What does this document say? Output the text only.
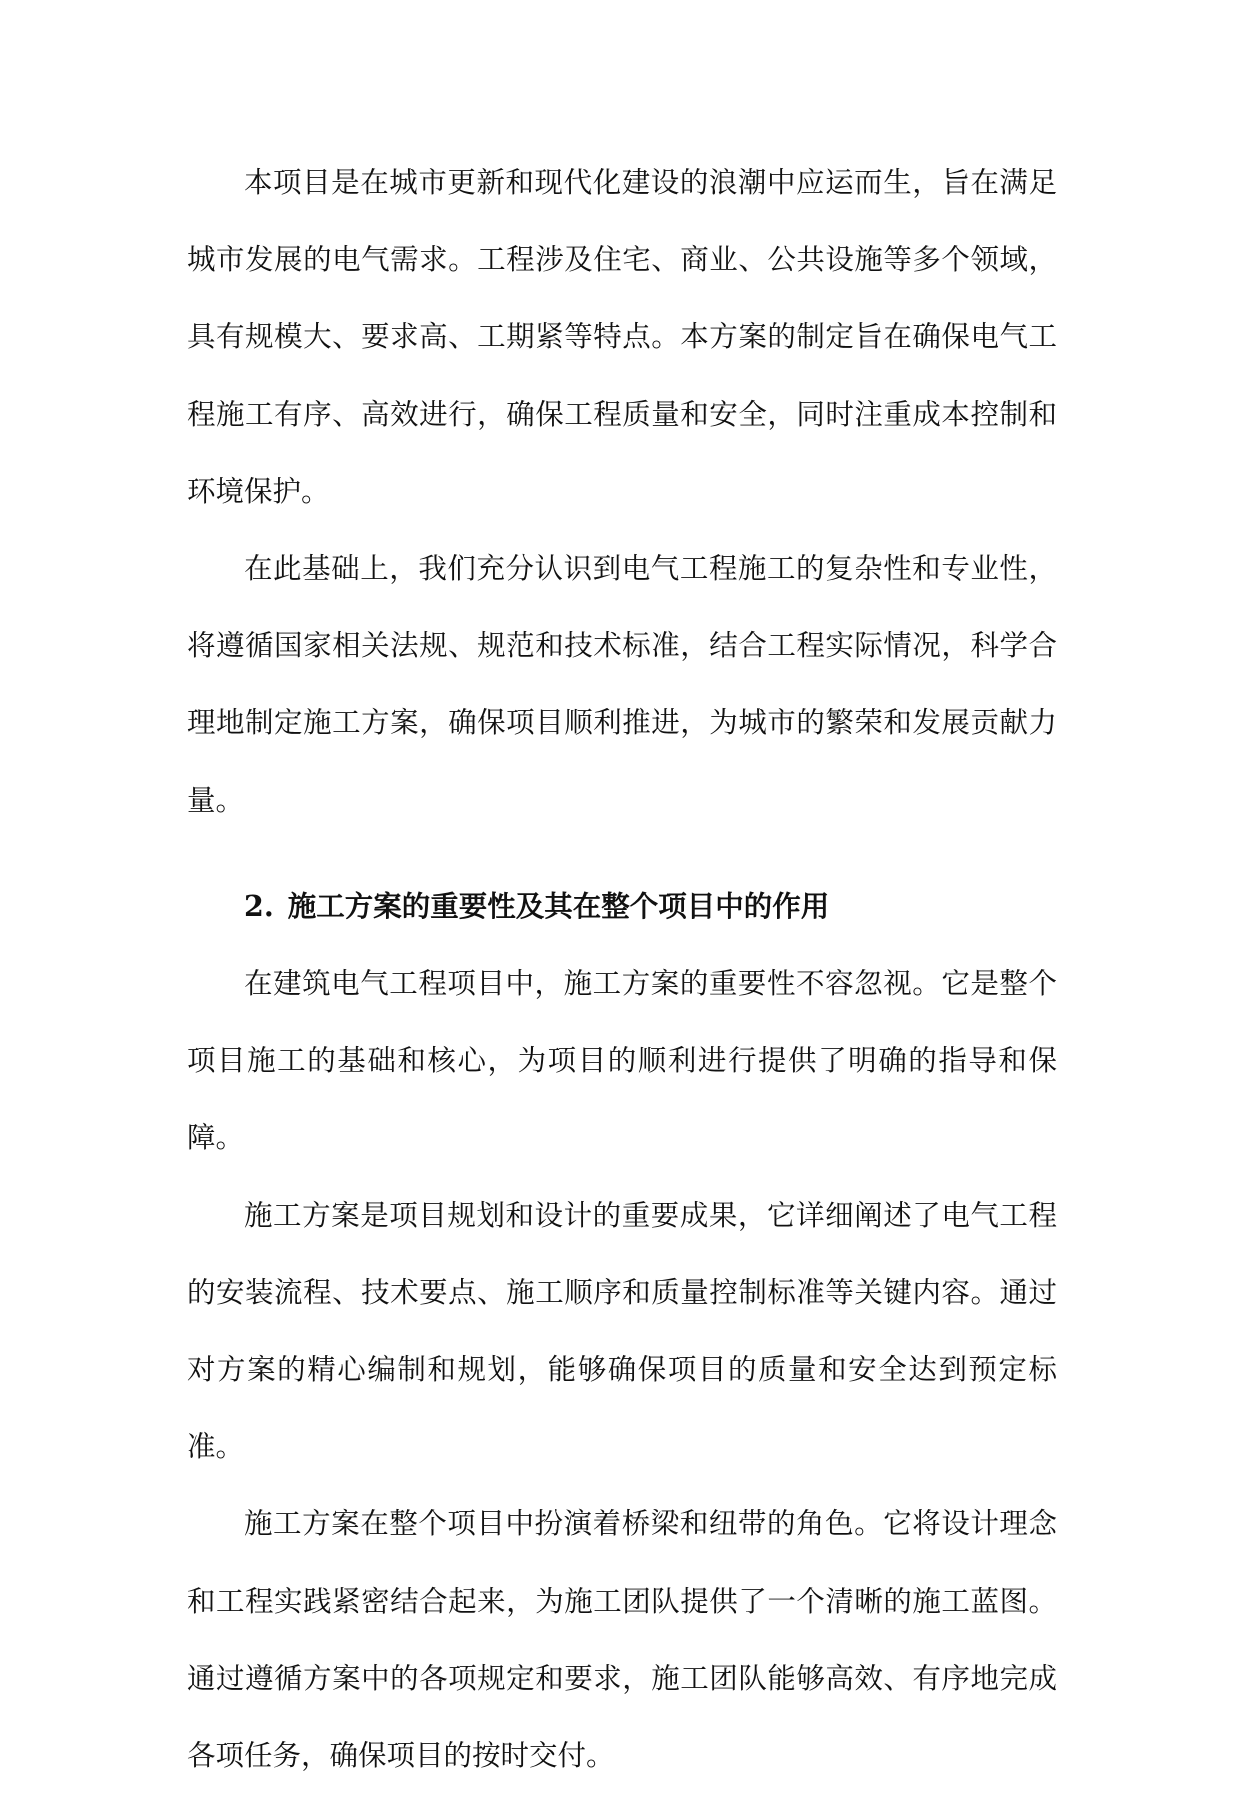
本项目是在城市更新和现代化建设的浪潮中应运而生，旨在满足城市发展的电气需求。工程涉及住宅、商业、公共设施等多个领域，具有规模大、要求高、工期紧等特点。本方案的制定旨在确保电气工程施工有序、高效进行，确保工程质量和安全，同时注重成本控制和环境保护。

在此基础上，我们充分认识到电气工程施工的复杂性和专业性，将遵循国家相关法规、规范和技术标准，结合工程实际情况，科学合理地制定施工方案，确保项目顺利推进，为城市的繁荣和发展贡献力量。

2. 施工方案的重要性及其在整个项目中的作用

在建筑电气工程项目中，施工方案的重要性不容忽视。它是整个项目施工的基础和核心，为项目的顺利进行提供了明确的指导和保障。

施工方案是项目规划和设计的重要成果，它详细阐述了电气工程的安装流程、技术要点、施工顺序和质量控制标准等关键内容。通过对方案的精心编制和规划，能够确保项目的质量和安全达到预定标准。

施工方案在整个项目中扮演着桥梁和纽带的角色。它将设计理念和工程实践紧密结合起来，为施工团队提供了一个清晰的施工蓝图。通过遵循方案中的各项规定和要求，施工团队能够高效、有序地完成各项任务，确保项目的按时交付。
